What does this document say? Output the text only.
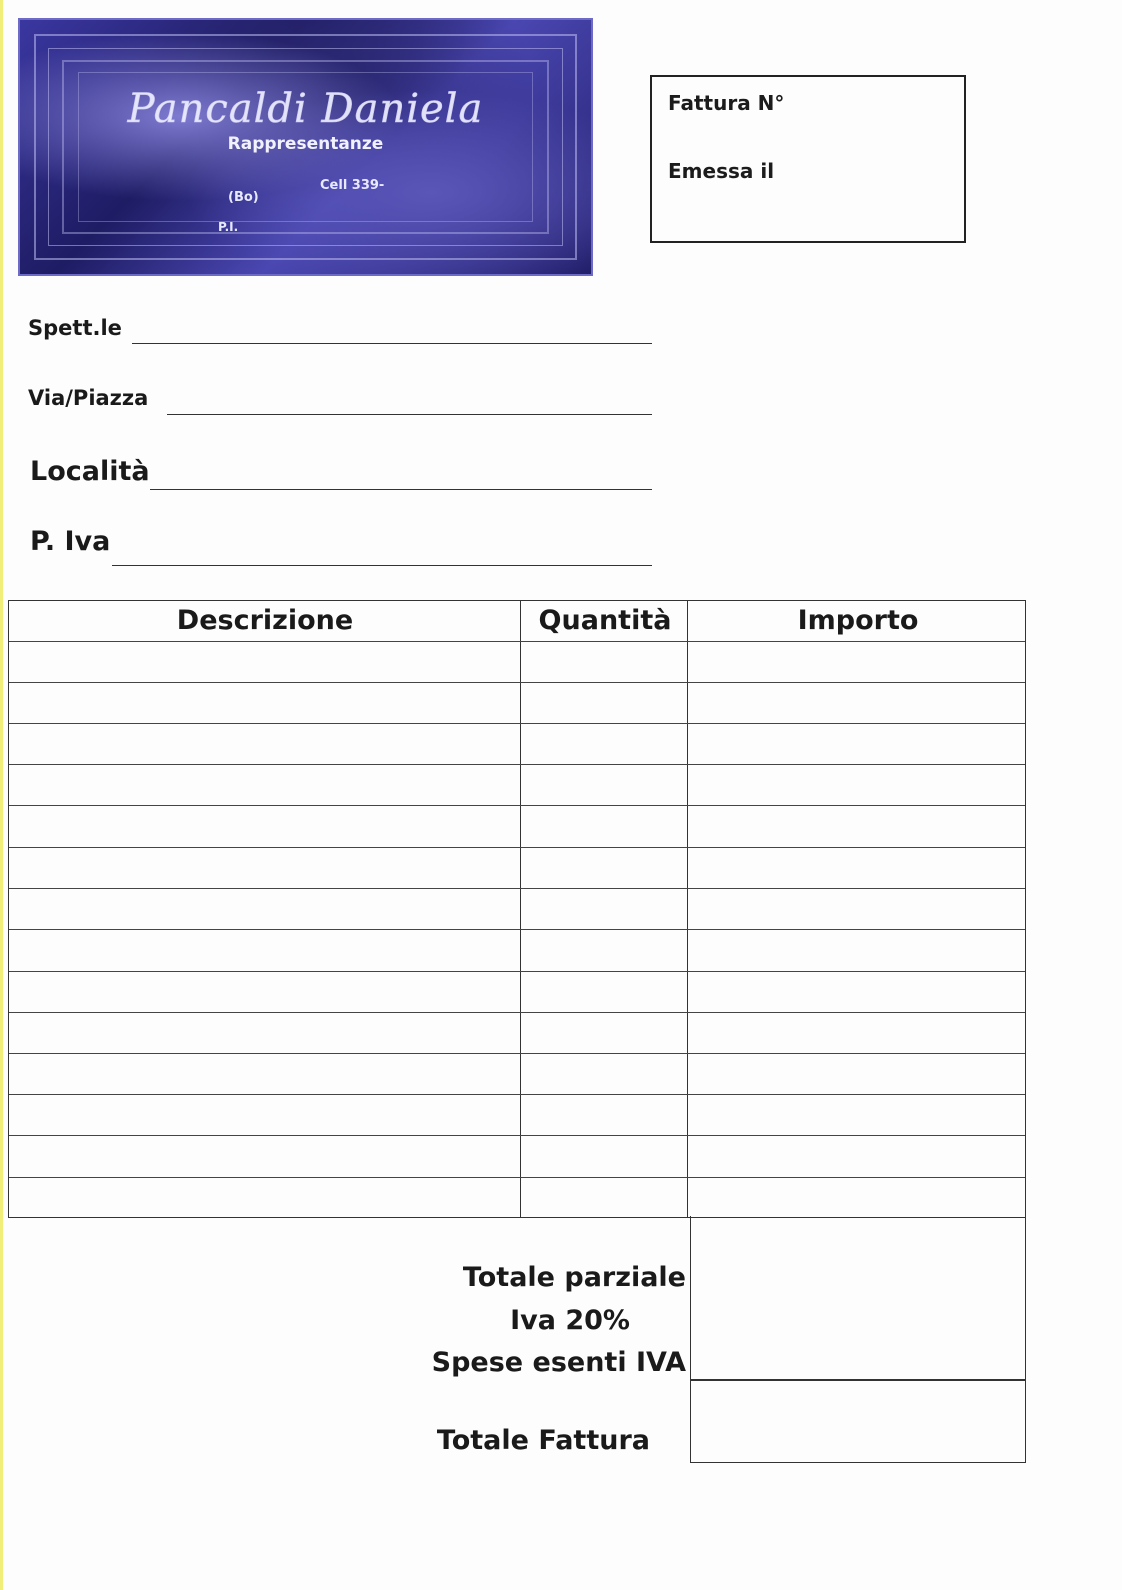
Pancaldi Daniela
Rappresentanze
Cell 339-
(Bo)
P.I.
Fattura N°
Emessa il
Spett.le
Via/Piazza
Località
P. Iva
Descrizione	Quantità	Importo
Totale parziale
Iva 20%
Spese esenti IVA
Totale Fattura
